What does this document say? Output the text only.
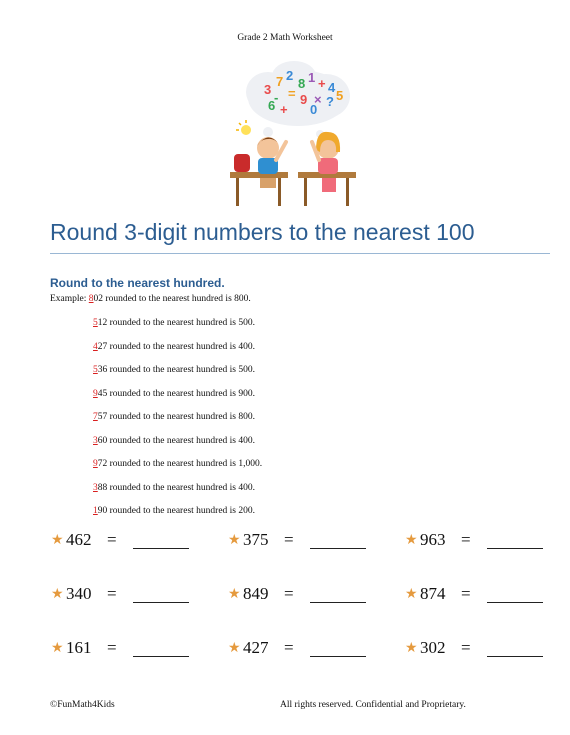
Grade 2 Math Worksheet
3
7 2
8 1 + 4
=
- 9 × ? 5
6 + 0
Round 3-digit numbers to the nearest 100
Round to the nearest hundred.
Example: 802 rounded to the nearest hundred is 800.
512 rounded to the nearest hundred is 500.
427 rounded to the nearest hundred is 400.
536 rounded to the nearest hundred is 500.
945 rounded to the nearest hundred is 900.
757 rounded to the nearest hundred is 800.
360 rounded to the nearest hundred is 400.
972 rounded to the nearest hundred is 1,000.
388 rounded to the nearest hundred is 400.
190 rounded to the nearest hundred is 200.
★ 462 =	★ 375 =	★ 963 =
★ 340 =	★ 849 =	★ 874 =
★ 161 =	★ 427 =	★ 302 =
©FunMath4Kids	All rights reserved. Confidential and Proprietary.
